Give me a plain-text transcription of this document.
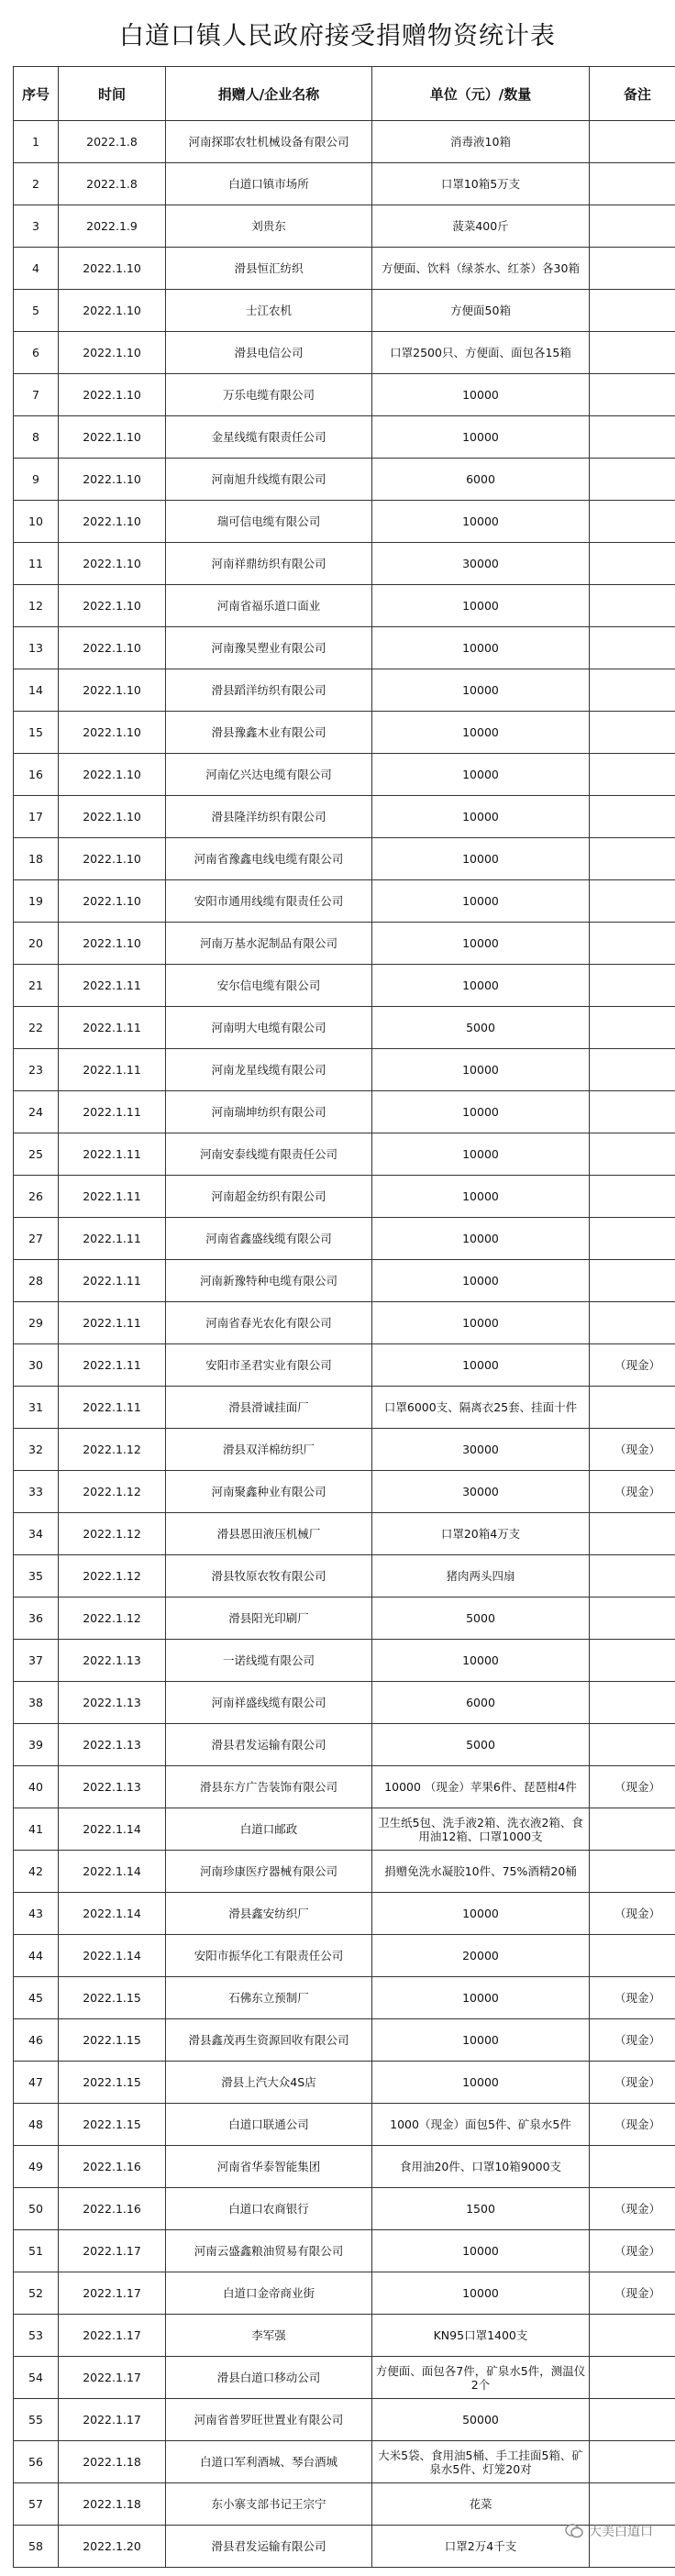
白道口镇人民政府接受捐赠物资统计表
序号	时间	捐赠人/企业名称	单位（元）/数量	备注
1	2022.1.8	河南探耶农牡机械设备有限公司	消毒液10箱	
2	2022.1.8	白道口镇市场所	口罩10箱5万支	
3	2022.1.9	刘贵东	菠菜400斤	
4	2022.1.10	滑县恒汇纺织	方便面、饮料（绿茶水、红茶）各30箱	
5	2022.1.10	士江农机	方便面50箱	
6	2022.1.10	滑县电信公司	口罩2500只、方便面、面包各15箱	
7	2022.1.10	万乐电缆有限公司	10000	
8	2022.1.10	金星线缆有限责任公司	10000	
9	2022.1.10	河南旭升线缆有限公司	6000	
10	2022.1.10	瑞可信电缆有限公司	10000	
11	2022.1.10	河南祥鼎纺织有限公司	30000	
12	2022.1.10	河南省福乐道口面业	10000	
13	2022.1.10	河南豫昊塑业有限公司	10000	
14	2022.1.10	滑县蹈洋纺织有限公司	10000	
15	2022.1.10	滑县豫鑫木业有限公司	10000	
16	2022.1.10	河南亿兴达电缆有限公司	10000	
17	2022.1.10	滑县隆洋纺织有限公司	10000	
18	2022.1.10	河南省豫鑫电线电缆有限公司	10000	
19	2022.1.10	安阳市通用线缆有限责任公司	10000	
20	2022.1.10	河南万基水泥制品有限公司	10000	
21	2022.1.11	安尔信电缆有限公司	10000	
22	2022.1.11	河南明大电缆有限公司	5000	
23	2022.1.11	河南龙星线缆有限公司	10000	
24	2022.1.11	河南瑞坤纺织有限公司	10000	
25	2022.1.11	河南安泰线缆有限责任公司	10000	
26	2022.1.11	河南超金纺织有限公司	10000	
27	2022.1.11	河南省鑫盛线缆有限公司	10000	
28	2022.1.11	河南新豫特种电缆有限公司	10000	
29	2022.1.11	河南省春光农化有限公司	10000	
30	2022.1.11	安阳市圣君实业有限公司	10000	（现金）
31	2022.1.11	滑县滑诚挂面厂	口罩6000支、隔离衣25套、挂面十件	
32	2022.1.12	滑县双洋棉纺织厂	30000	（现金）
33	2022.1.12	河南聚鑫种业有限公司	30000	（现金）
34	2022.1.12	滑县恩田液压机械厂	口罩20箱4万支	
35	2022.1.12	滑县牧原农牧有限公司	猪肉两头四扇	
36	2022.1.12	滑县阳光印刷厂	5000	
37	2022.1.13	一诺线缆有限公司	10000	
38	2022.1.13	河南祥盛线缆有限公司	6000	
39	2022.1.13	滑县君发运输有限公司	5000	
40	2022.1.13	滑县东方广告装饰有限公司	10000 （现金）苹果6件、琵琶柑4件	（现金）
41	2022.1.14	白道口邮政	卫生纸5包、洗手液2箱、洗衣液2箱、食用油12箱、口罩1000支	
42	2022.1.14	河南珍康医疗器械有限公司	捐赠免洗水凝胶10件、75%酒精20桶	
43	2022.1.14	滑县鑫安纺织厂	10000	（现金）
44	2022.1.14	安阳市振华化工有限责任公司	20000	
45	2022.1.15	石佛东立预制厂	10000	（现金）
46	2022.1.15	滑县鑫茂再生资源回收有限公司	10000	（现金）
47	2022.1.15	滑县上汽大众4S店	10000	（现金）
48	2022.1.15	白道口联通公司	1000（现金）面包5件、矿泉水5件	（现金）
49	2022.1.16	河南省华泰智能集团	食用油20件、口罩10箱9000支	
50	2022.1.16	白道口农商银行	1500	（现金）
51	2022.1.17	河南云盛鑫粮油贸易有限公司	10000	（现金）
52	2022.1.17	白道口金帝商业街	10000	（现金）
53	2022.1.17	李军强	KN95口罩1400支	
54	2022.1.17	滑县白道口移动公司	方便面、面包各7件，矿泉水5件，测温仪2个	
55	2022.1.17	河南省普罗旺世置业有限公司	50000	
56	2022.1.18	白道口军利酒城、琴台酒城	大米5袋、食用油5桶、手工挂面5箱、矿泉水5件、灯笼20对	
57	2022.1.18	东小寨支部书记王宗宁	花菜	
58	2022.1.20	滑县君发运输有限公司	口罩2万4千支	
大美白道口
